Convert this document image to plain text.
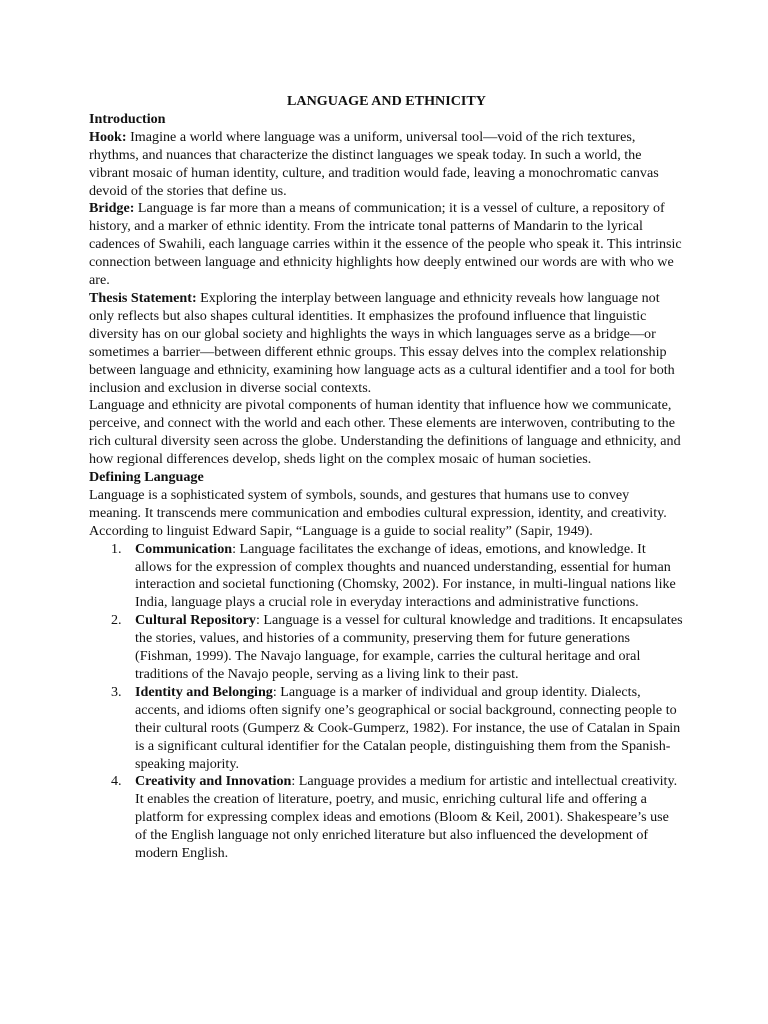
LANGUAGE AND ETHNICITY

Introduction

Hook: Imagine a world where language was a uniform, universal tool—void of the rich textures, rhythms, and nuances that characterize the distinct languages we speak today. In such a world, the vibrant mosaic of human identity, culture, and tradition would fade, leaving a monochromatic canvas devoid of the stories that define us.

Bridge: Language is far more than a means of communication; it is a vessel of culture, a repository of history, and a marker of ethnic identity. From the intricate tonal patterns of Mandarin to the lyrical cadences of Swahili, each language carries within it the essence of the people who speak it. This intrinsic connection between language and ethnicity highlights how deeply entwined our words are with who we are.

Thesis Statement: Exploring the interplay between language and ethnicity reveals how language not only reflects but also shapes cultural identities. It emphasizes the profound influence that linguistic diversity has on our global society and highlights the ways in which languages serve as a bridge—or sometimes a barrier—between different ethnic groups. This essay delves into the complex relationship between language and ethnicity, examining how language acts as a cultural identifier and a tool for both inclusion and exclusion in diverse social contexts.

Language and ethnicity are pivotal components of human identity that influence how we communicate, perceive, and connect with the world and each other. These elements are interwoven, contributing to the rich cultural diversity seen across the globe. Understanding the definitions of language and ethnicity, and how regional differences develop, sheds light on the complex mosaic of human societies.

Defining Language

Language is a sophisticated system of symbols, sounds, and gestures that humans use to convey meaning. It transcends mere communication and embodies cultural expression, identity, and creativity. According to linguist Edward Sapir, “Language is a guide to social reality” (Sapir, 1949).

1. Communication: Language facilitates the exchange of ideas, emotions, and knowledge. It allows for the expression of complex thoughts and nuanced understanding, essential for human interaction and societal functioning (Chomsky, 2002). For instance, in multi-lingual nations like India, language plays a crucial role in everyday interactions and administrative functions.
2. Cultural Repository: Language is a vessel for cultural knowledge and traditions. It encapsulates the stories, values, and histories of a community, preserving them for future generations (Fishman, 1999). The Navajo language, for example, carries the cultural heritage and oral traditions of the Navajo people, serving as a living link to their past.
3. Identity and Belonging: Language is a marker of individual and group identity. Dialects, accents, and idioms often signify one’s geographical or social background, connecting people to their cultural roots (Gumperz & Cook-Gumperz, 1982). For instance, the use of Catalan in Spain is a significant cultural identifier for the Catalan people, distinguishing them from the Spanish-speaking majority.
4. Creativity and Innovation: Language provides a medium for artistic and intellectual creativity. It enables the creation of literature, poetry, and music, enriching cultural life and offering a platform for expressing complex ideas and emotions (Bloom & Keil, 2001). Shakespeare’s use of the English language not only enriched literature but also influenced the development of modern English.
